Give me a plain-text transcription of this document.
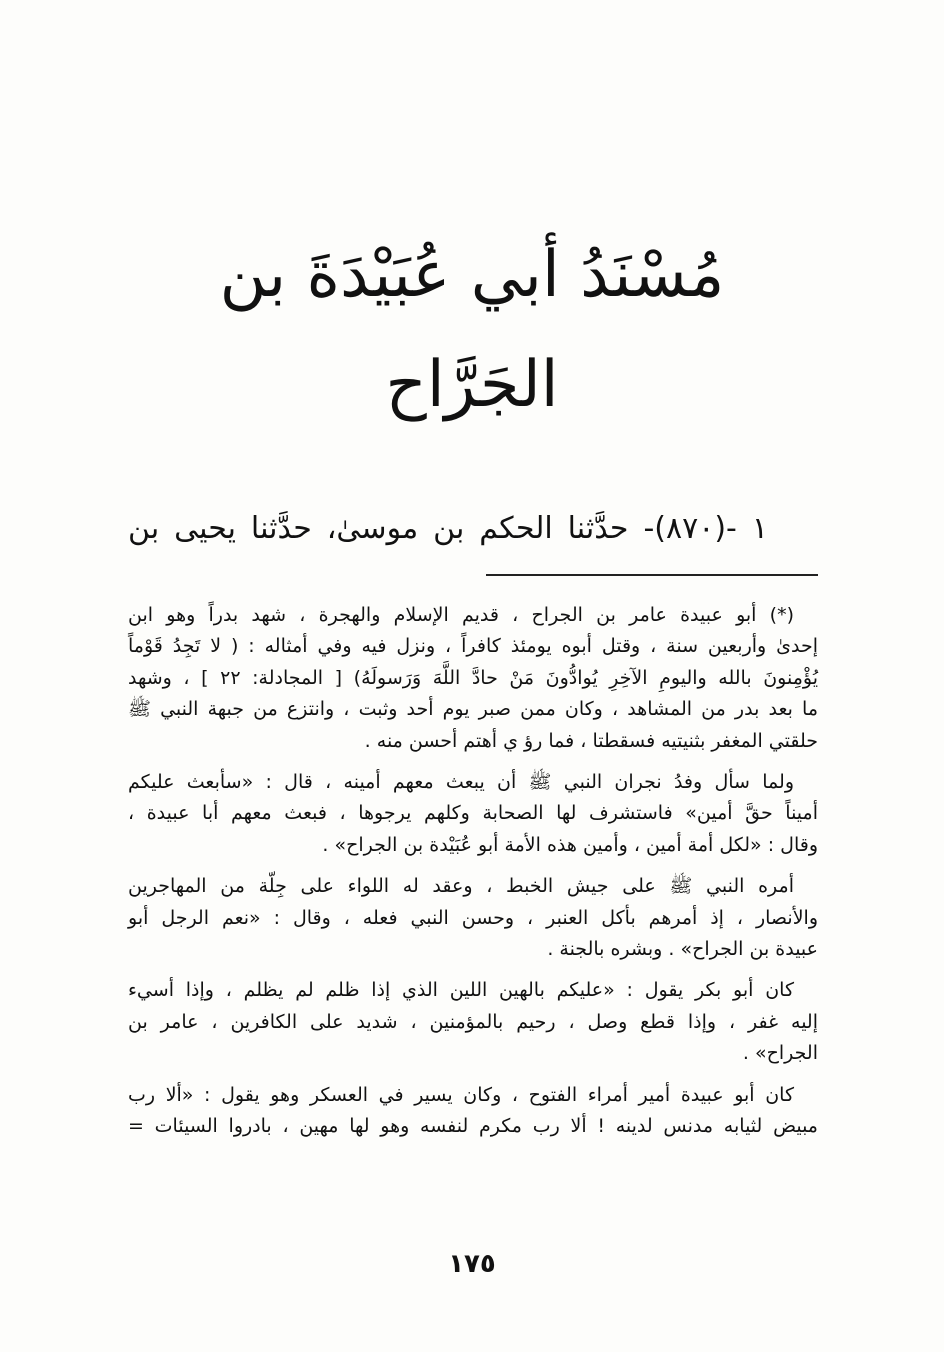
مُسْنَدُ أبي عُبَيْدَةَ بن الجَرَّاح
١ -(٨٧٠)- حدَّثنا الحكم بن موسىٰ، حدَّثنا يحيى بن
(*) أبو عبيدة عامر بن الجراح ، قديم الإسلام والهجرة ، شهد بدراً وهو ابن
إحدىٰ وأربعين سنة ، وقتل أبوه يومئذ كافراً ، ونزل فيه وفي أمثاله : ( لا تَجِدُ قَوْماً
يُؤْمِنونَ بالله واليومِ الآخِرِ يُوادُّونَ مَنْ حادَّ اللَّهَ وَرَسولَهُ) [ المجادلة: ٢٢ ] ، وشهد
ما بعد بدر من المشاهد ، وكان ممن صبر يوم أحد وثبت ، وانتزع من جبهة النبي ﷺ
حلقتي المغفر بثنيتيه فسقطتا ، فما رؤ ي أهتم أحسن منه .
ولما سأل وفدُ نجران النبي ﷺ أن يبعث معهم أمينه ، قال : «سأبعث عليكم
أميناً حقَّ أمين» فاستشرف لها الصحابة وكلهم يرجوها ، فبعث معهم أبا عبيدة ،
وقال : «لكل أمة أمين ، وأمين هذه الأمة أبو عُبَيْدة بن الجراح» .
أمره النبي ﷺ على جيش الخبط ، وعقد له اللواء على جِلّة من المهاجرين
والأنصار ، إذ أمرهم بأكل العنبر ، وحسن النبي فعله ، وقال : «نعم الرجل أبو
عبيدة بن الجراح» . وبشره بالجنة .
كان أبو بكر يقول : «عليكم بالهين اللين الذي إذا ظلم لم يظلم ، وإذا أسيء
إليه غفر ، وإذا قطع وصل ، رحيم بالمؤمنين ، شديد على الكافرين ، عامر بن
الجراح» .
كان أبو عبيدة أمير أمراء الفتوح ، وكان يسير في العسكر وهو يقول : «ألا رب
مبيض لثيابه مدنس لدينه ! ألا رب مكرم لنفسه وهو لها مهين ، بادروا السيئات =
١٧٥
